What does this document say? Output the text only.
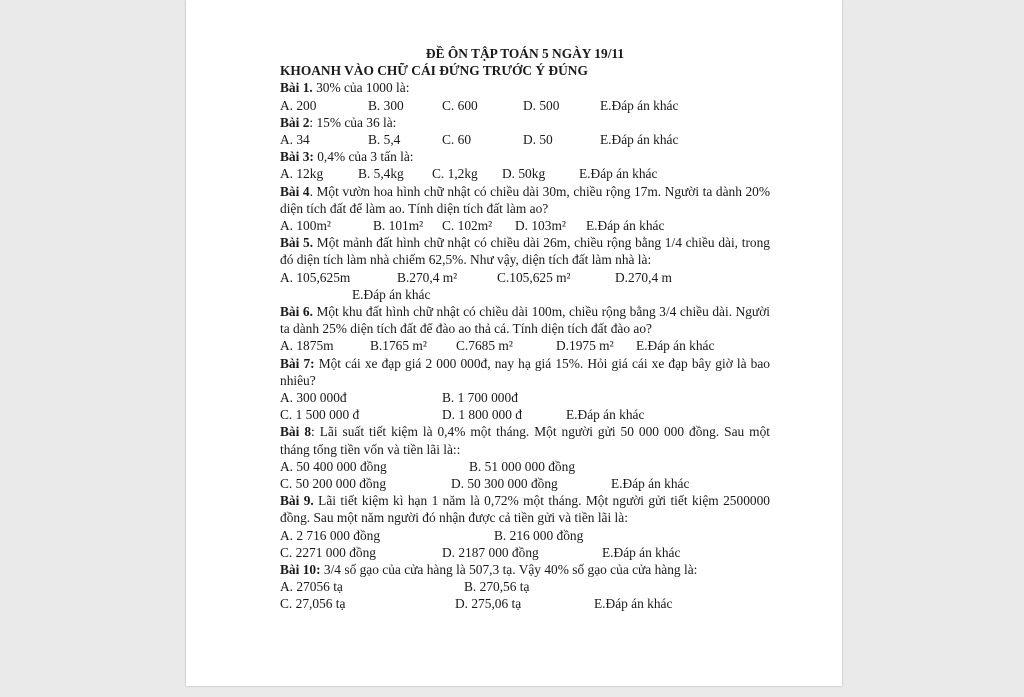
ĐỀ ÔN TẬP TOÁN 5 NGÀY 19/11

KHOANH VÀO CHỮ CÁI ĐỨNG TRƯỚC Ý ĐÚNG

Bài 1. 30% của 1000 là:

A. 200	B. 300	C. 600	D. 500	E.Đáp án khác

Bài 2: 15% của 36 là:

A. 34	B. 5,4	C. 60	D. 50	E.Đáp án khác

Bài 3: 0,4% của 3 tấn là:

A. 12kg	B. 5,4kg C. 1,2kg D. 50kg	E.Đáp án khác

Bài 4. Một vườn hoa hình chữ nhật có chiều dài 30m, chiều rộng 17m. Người ta dành 20% diện tích đất để làm ao. Tính diện tích đất làm ao?

A. 100m²	B. 101m² C. 102m² D. 103m² E.Đáp án khác

Bài 5. Một mảnh đất hình chữ nhật có chiều dài 26m, chiều rộng bằng 1/4 chiều dài, trong đó diện tích làm nhà chiếm 62,5%. Như vậy, diện tích đất làm nhà là:

A. 105,625m	B.270,4 m²	C.105,625 m²	D.270,4 m
E.Đáp án khác

Bài 6. Một khu đất hình chữ nhật có chiều dài 100m, chiều rộng bằng 3/4 chiều dài. Người ta dành 25% diện tích đất để đào ao thả cá. Tính diện tích đất đào ao?

A. 1875m	B.1765 m² C.7685 m²	D.1975 m² E.Đáp án khác

Bài 7: Một cái xe đạp giá 2 000 000đ, nay hạ giá 15%. Hỏi giá cái xe đạp bây giờ là bao nhiêu?

A. 300 000đ	B. 1 700 000đ
C. 1 500 000 đ	D. 1 800 000 đ	E.Đáp án khác

Bài 8: Lãi suất tiết kiệm là 0,4% một tháng. Một người gửi 50 000 000 đồng. Sau một tháng tổng tiền vốn và tiền lãi là::

A. 50 400 000 đồng	B. 51 000 000 đồng
C. 50 200 000 đồng	D. 50 300 000 đồng	E.Đáp án khác

Bài 9. Lãi tiết kiệm kì hạn 1 năm là 0,72% một tháng. Một người gửi tiết kiệm 2500000 đồng. Sau một năm người đó nhận được cả tiền gửi và tiền lãi là:

A. 2 716 000 đồng	B. 216 000 đồng
C. 2271 000 đồng	D. 2187 000 đồng	E.Đáp án khác

Bài 10: 3/4 số gạo của cửa hàng là 507,3 tạ. Vậy 40% số gạo của cửa hàng là:

A. 27056 tạ	B. 270,56 tạ
C. 27,056 tạ	D. 275,06 tạ	E.Đáp án khác
